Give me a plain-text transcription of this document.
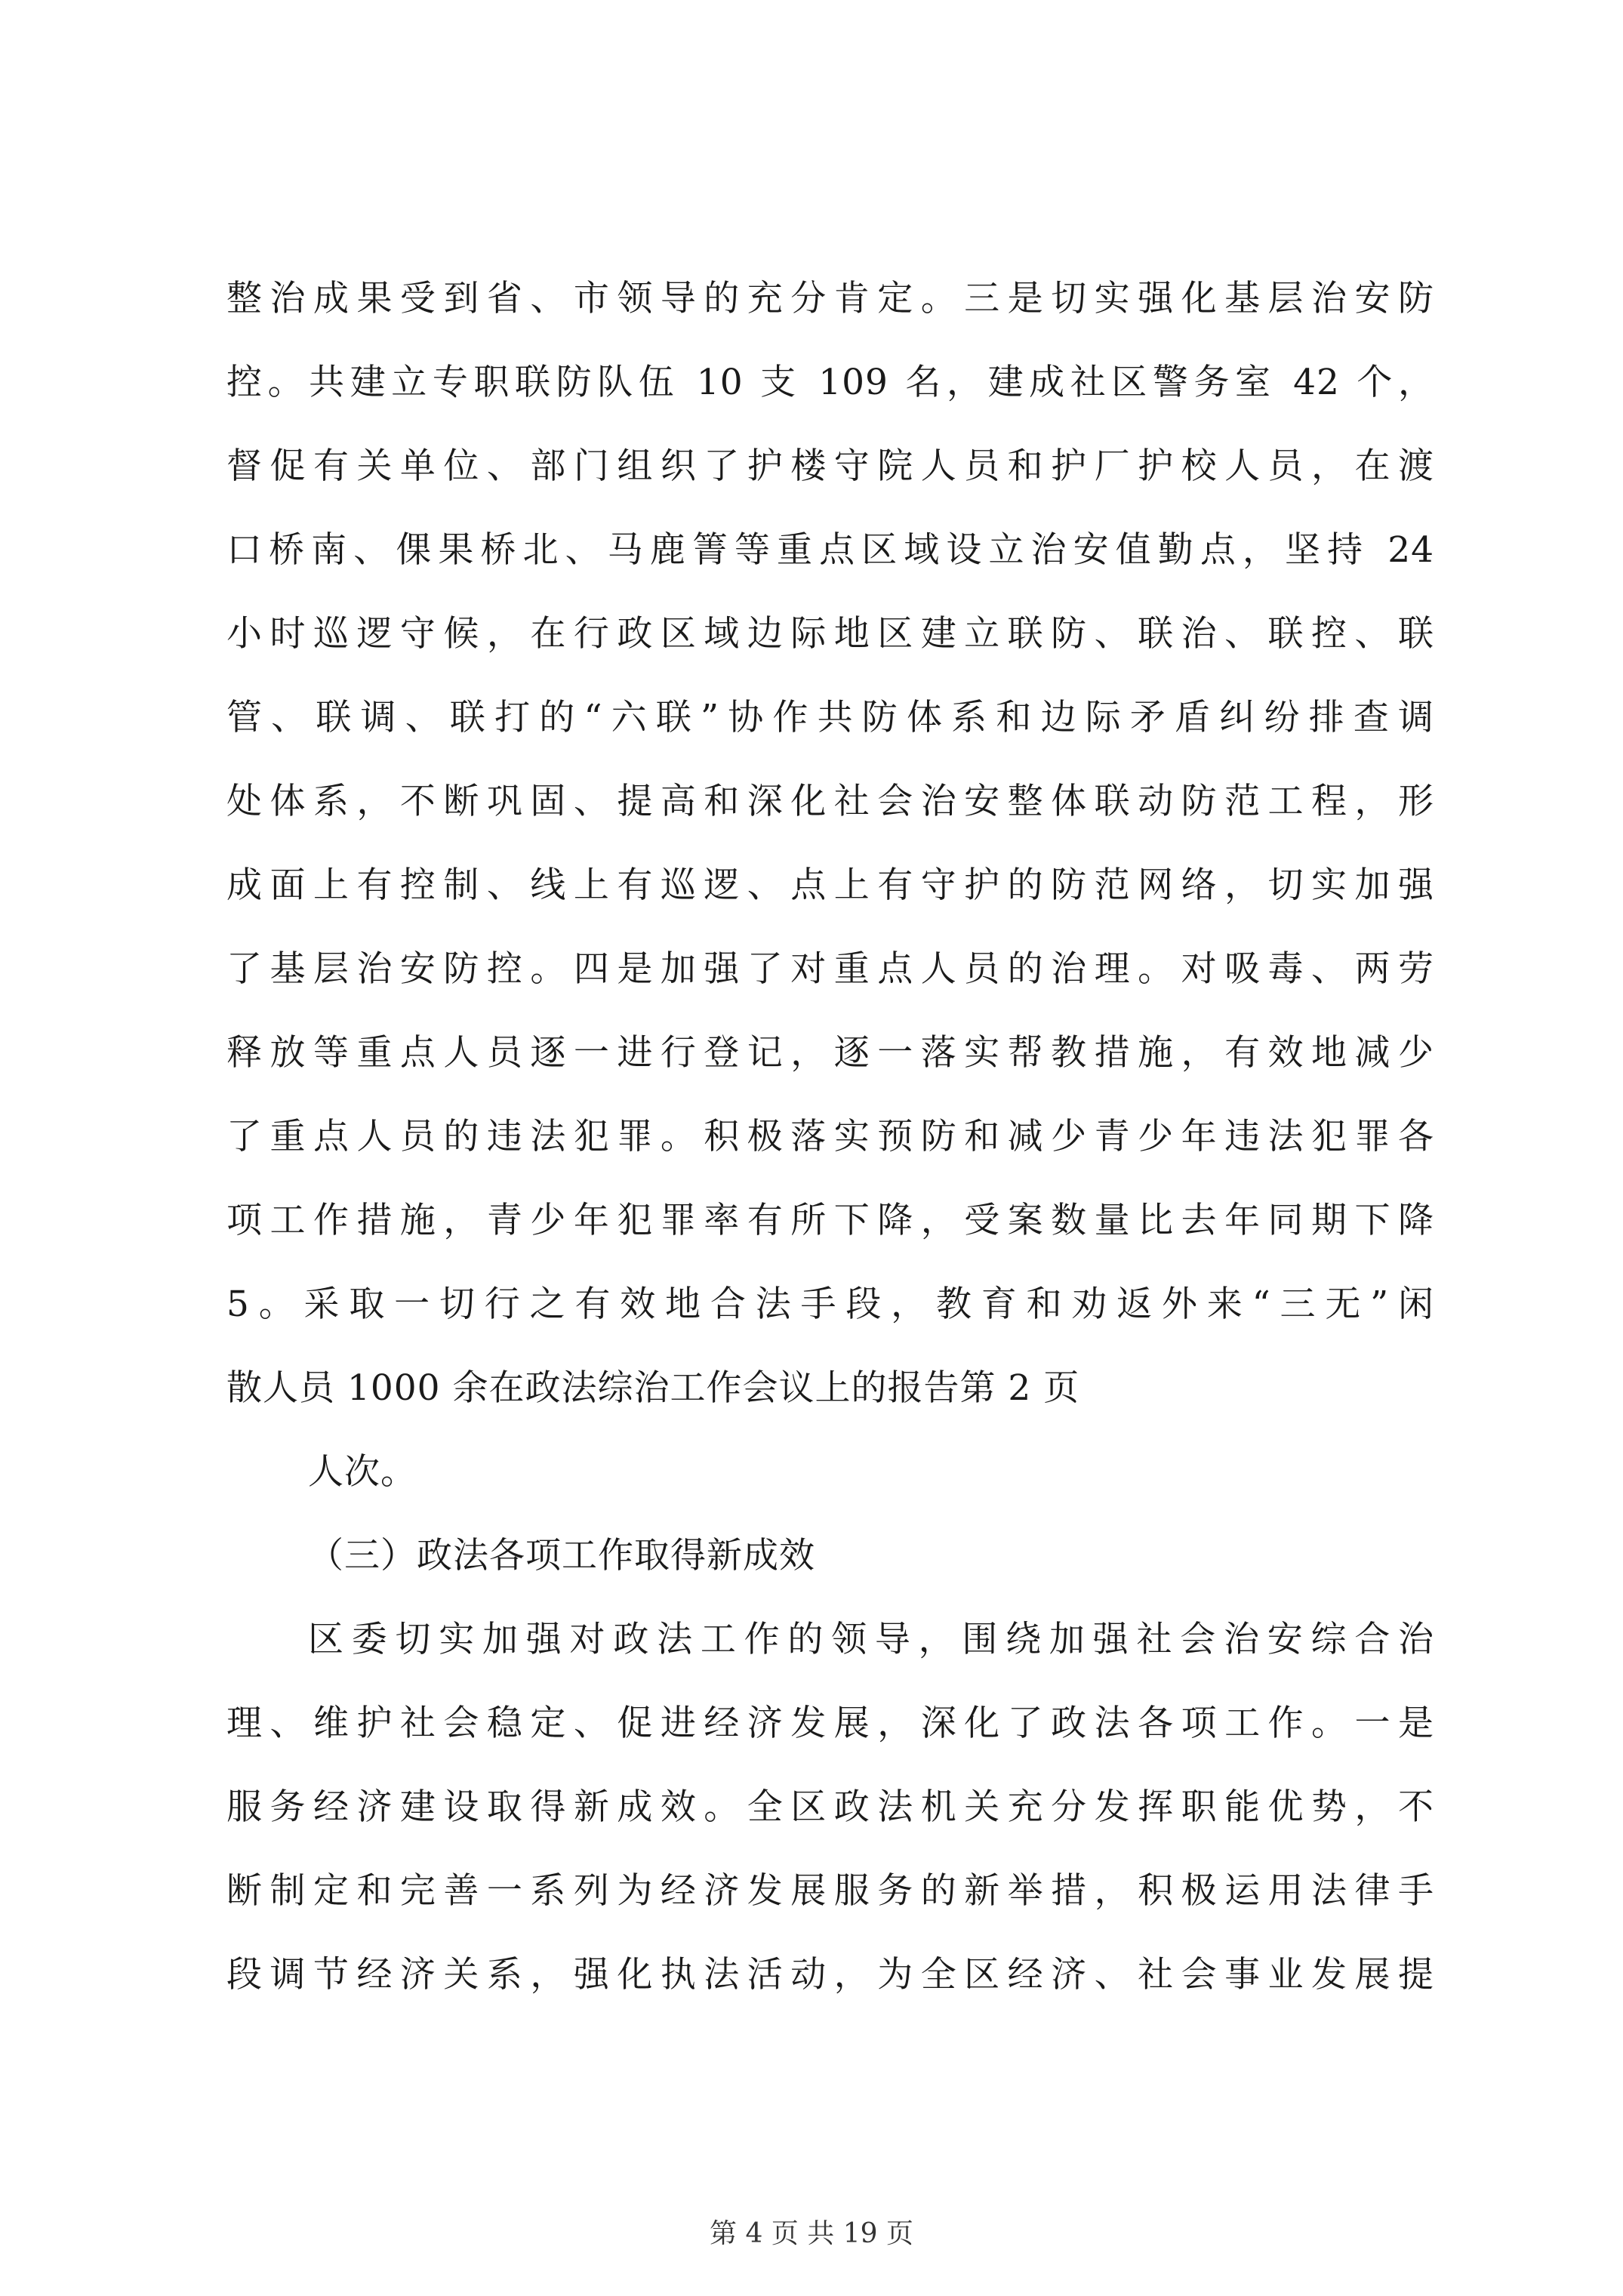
整治成果受到省、市领导的充分肯定。三是切实强化基层治安防
控。共建立专职联防队伍 10 支 109 名，建成社区警务室 42 个，
督促有关单位、部门组织了护楼守院人员和护厂护校人员，在渡
口桥南、倮果桥北、马鹿箐等重点区域设立治安值勤点，坚持 24
小时巡逻守候，在行政区域边际地区建立联防、联治、联控、联
管、联调、联打的“六联”协作共防体系和边际矛盾纠纷排查调
处体系，不断巩固、提高和深化社会治安整体联动防范工程，形
成面上有控制、线上有巡逻、点上有守护的防范网络，切实加强
了基层治安防控。四是加强了对重点人员的治理。对吸毒、两劳
释放等重点人员逐一进行登记，逐一落实帮教措施，有效地减少
了重点人员的违法犯罪。积极落实预防和减少青少年违法犯罪各
项工作措施，青少年犯罪率有所下降，受案数量比去年同期下降
5。采取一切行之有效地合法手段，教育和劝返外来“三无”闲
散人员 1000 余在政法综治工作会议上的报告第 2 页
人次。
（三）政法各项工作取得新成效
区委切实加强对政法工作的领导，围绕加强社会治安综合治
理、维护社会稳定、促进经济发展，深化了政法各项工作。一是
服务经济建设取得新成效。全区政法机关充分发挥职能优势，不
断制定和完善一系列为经济发展服务的新举措，积极运用法律手
段调节经济关系，强化执法活动，为全区经济、社会事业发展提
第 4 页 共 19 页
